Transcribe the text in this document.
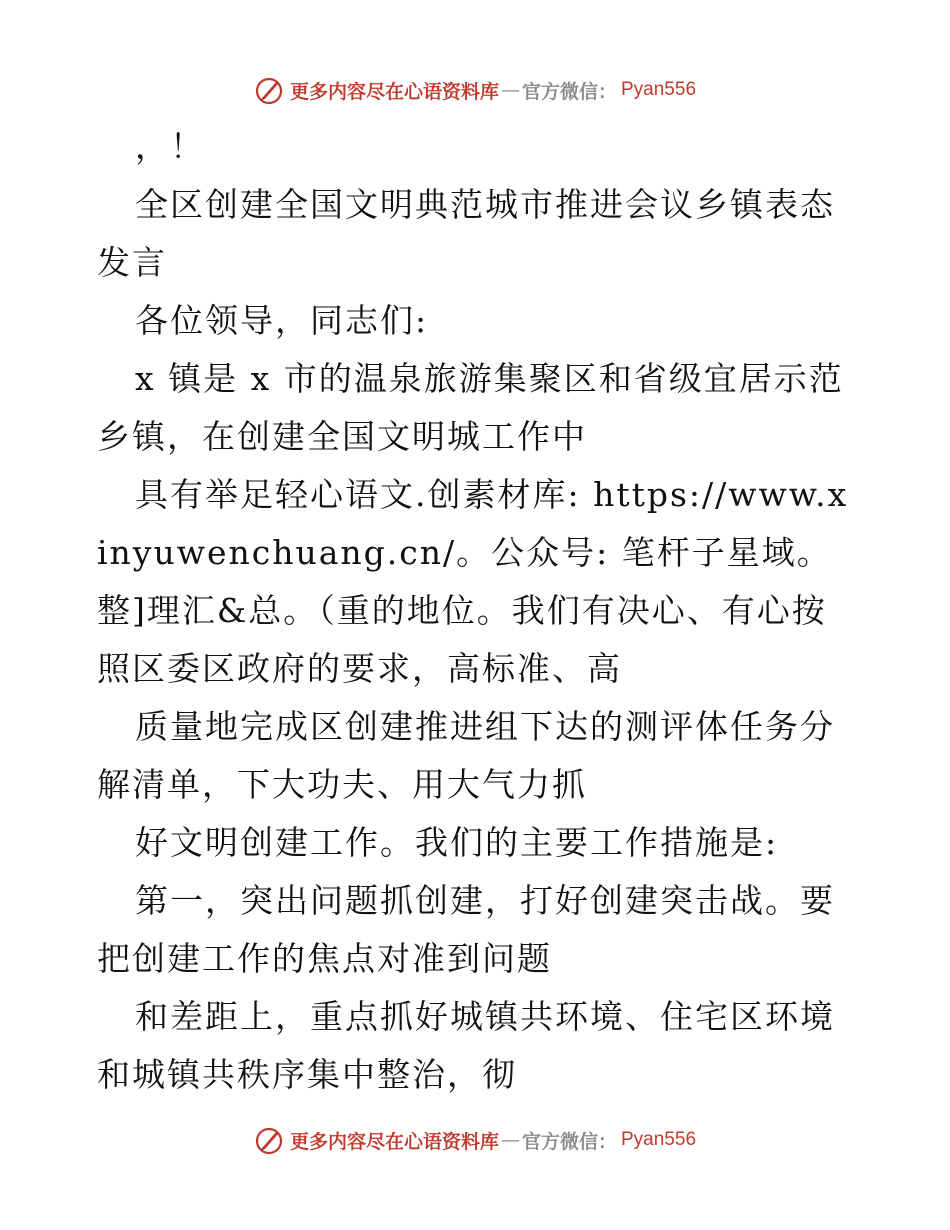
更多内容尽在心语资料库 — 官方微信： Pyan556

，！

全区创建全国文明典范城市推进会议乡镇表态发言

各位领导，同志们:

x 镇是 x 市的温泉旅游集聚区和省级宜居示范乡镇，在创建全国文明城工作中

具有举足轻心语文.创素材库: https://www.xinyuwenchuang.cn/。公众号: 笔杆子星域。整]理汇&总。（重的地位。我们有决心、有心按照区委区政府的要求，高标准、高

质量地完成区创建推进组下达的测评体任务分解清单，下大功夫、用大气力抓

好文明创建工作。我们的主要工作措施是:

第一，突出问题抓创建，打好创建突击战。要把创建工作的焦点对准到问题

和差距上，重点抓好城镇共环境、住宅区环境和城镇共秩序集中整治，彻

更多内容尽在心语资料库 — 官方微信： Pyan556
